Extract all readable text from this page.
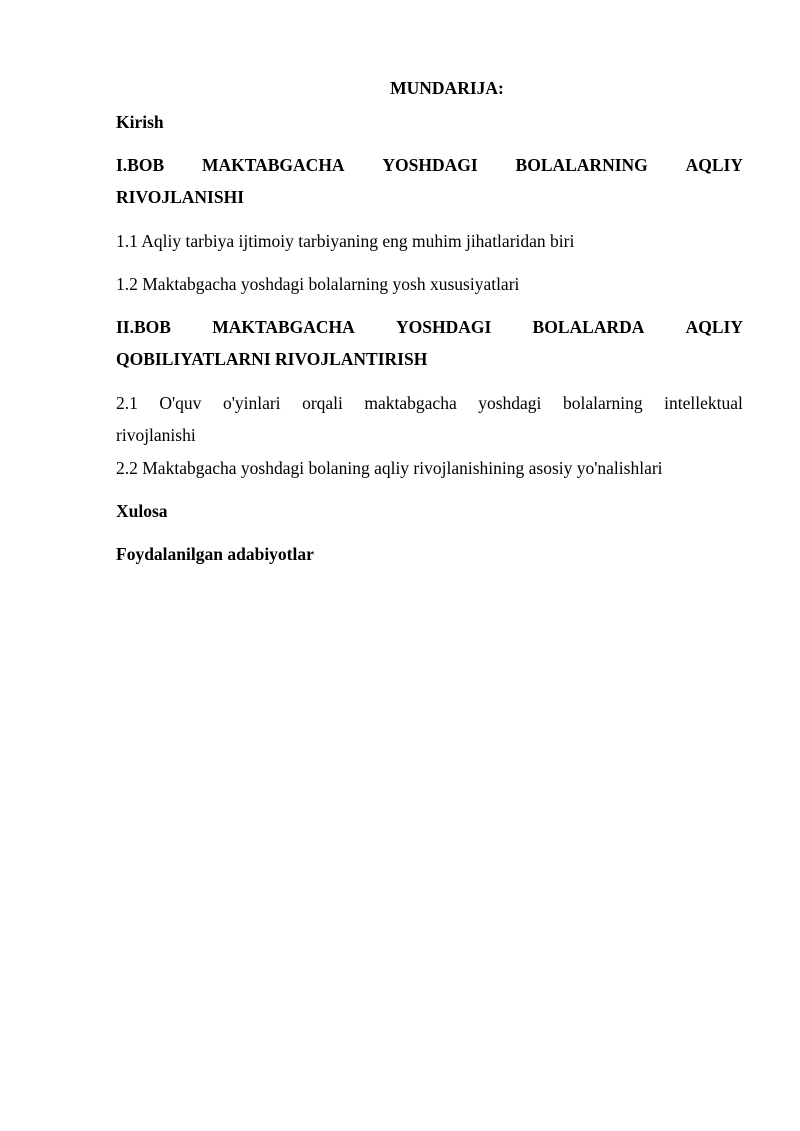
MUNDARIJA:

Kirish

I.BOB MAKTABGACHA YOSHDAGI BOLALARNING AQLIY
RIVOJLANISHI

1.1 Aqliy tarbiya ijtimoiy tarbiyaning eng muhim jihatlaridan biri

1.2 Maktabgacha yoshdagi bolalarning yosh xususiyatlari

II.BOB MAKTABGACHA YOSHDAGI BOLALARDA AQLIY
QOBILIYATLARNI RIVOJLANTIRISH
2.1 O'quv o'yinlari orqali maktabgacha yoshdagi bolalarning intellektual
rivojlanishi

2.2 Maktabgacha yoshdagi bolaning aqliy rivojlanishining asosiy yo'nalishlari

Xulosa

Foydalanilgan adabiyotlar
